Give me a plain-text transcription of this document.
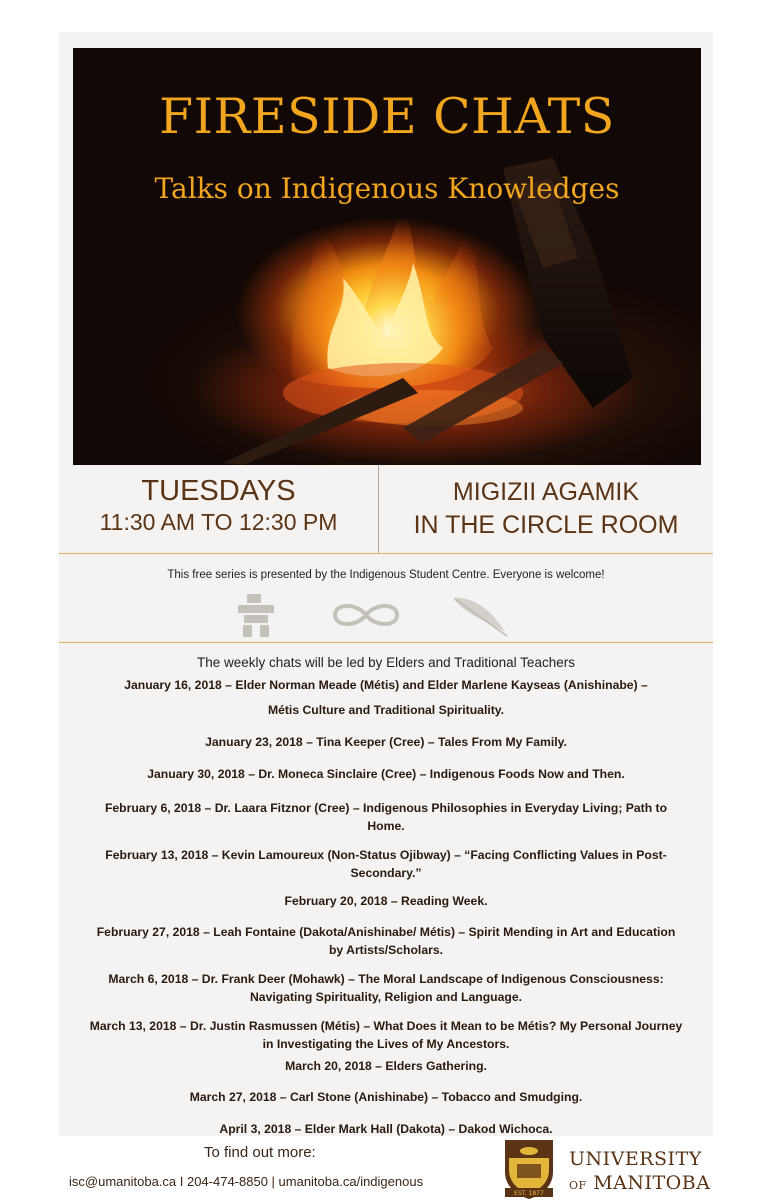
FIRESIDE CHATS
Talks on Indigenous Knowledges
TUESDAYS
11:30 AM TO 12:30 PM
MIGIZII AGAMIK
IN THE CIRCLE ROOM
This free series is presented by the Indigenous Student Centre. Everyone is welcome!
The weekly chats will be led by Elders and Traditional Teachers
January 16, 2018 – Elder Norman Meade (Métis) and Elder Marlene Kayseas (Anishinabe) –
Métis Culture and Traditional Spirituality.
January 23, 2018 – Tina Keeper (Cree) – Tales From My Family.
January 30, 2018 – Dr. Moneca Sinclaire (Cree) – Indigenous Foods Now and Then.
February 6, 2018 – Dr. Laara Fitznor (Cree) – Indigenous Philosophies in Everyday Living; Path to
Home.
February 13, 2018 – Kevin Lamoureux (Non-Status Ojibway) – “Facing Conflicting Values in Post-
Secondary.”
February 20, 2018 – Reading Week.
February 27, 2018 – Leah Fontaine (Dakota/Anishinabe/ Métis) – Spirit Mending in Art and Education
by Artists/Scholars.
March 6, 2018 – Dr. Frank Deer (Mohawk) – The Moral Landscape of Indigenous Consciousness:
Navigating Spirituality, Religion and Language.
March 13, 2018 – Dr. Justin Rasmussen (Métis) – What Does it Mean to be Métis? My Personal Journey
in Investigating the Lives of My Ancestors.
March 20, 2018 – Elders Gathering.
March 27, 2018 – Carl Stone (Anishinabe) – Tobacco and Smudging.
April 3, 2018 – Elder Mark Hall (Dakota) – Dakod Wichoca.
To find out more:
isc@umanitoba.ca I 204-474-8850 | umanitoba.ca/indigenous
EST. 1877
UNIVERSITY
OF MANITOBA
